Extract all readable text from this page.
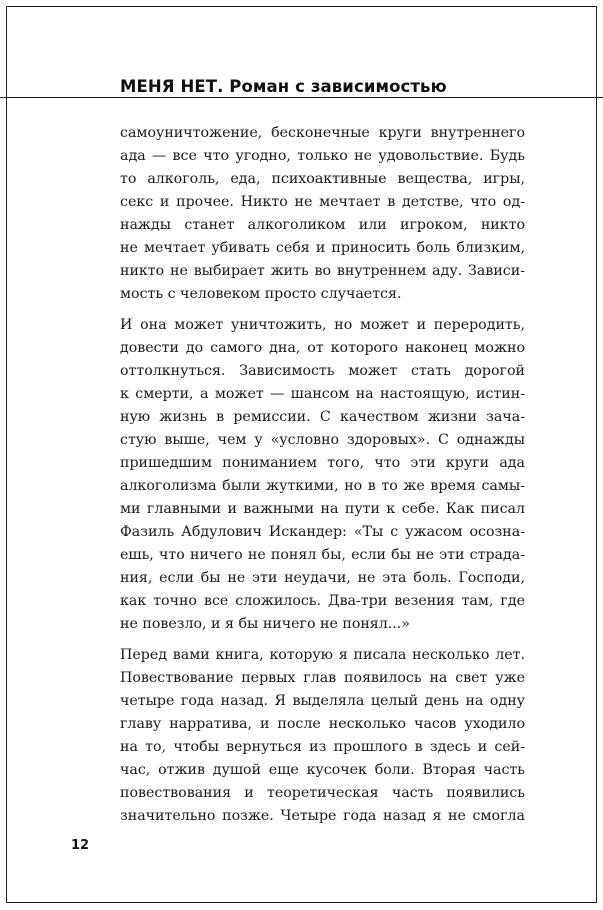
МЕНЯ НЕТ. Роман с зависимостью
самоуничтожение, бесконечные круги внутреннего
ада — все что угодно, только не удовольствие. Будь
то алкоголь, еда, психоактивные вещества, игры,
секс и прочее. Никто не мечтает в детстве, что од-
нажды станет алкоголиком или игроком, никто
не мечтает убивать себя и приносить боль близким,
никто не выбирает жить во внутреннем аду. Зависи-
мость с человеком просто случается.
И она может уничтожить, но может и переродить,
довести до самого дна, от которого наконец можно
оттолкнуться. Зависимость может стать дорогой
к смерти, а может — шансом на настоящую, истин-
ную жизнь в ремиссии. С качеством жизни зача-
стую выше, чем у «условно здоровых». С однажды
пришедшим пониманием того, что эти круги ада
алкоголизма были жуткими, но в то же время самы-
ми главными и важными на пути к себе. Как писал
Фазиль Абдулович Искандер: «Ты с ужасом осозна-
ешь, что ничего не понял бы, если бы не эти страда-
ния, если бы не эти неудачи, не эта боль. Господи,
как точно все сложилось. Два-три везения там, где
не повезло, и я бы ничего не понял...»
Перед вами книга, которую я писала несколько лет.
Повествование первых глав появилось на свет уже
четыре года назад. Я выделяла целый день на одну
главу нарратива, и после несколько часов уходило
на то, чтобы вернуться из прошлого в здесь и сей-
час, отжив душой еще кусочек боли. Вторая часть
повествования и теоретическая часть появились
значительно позже. Четыре года назад я не смогла
12
